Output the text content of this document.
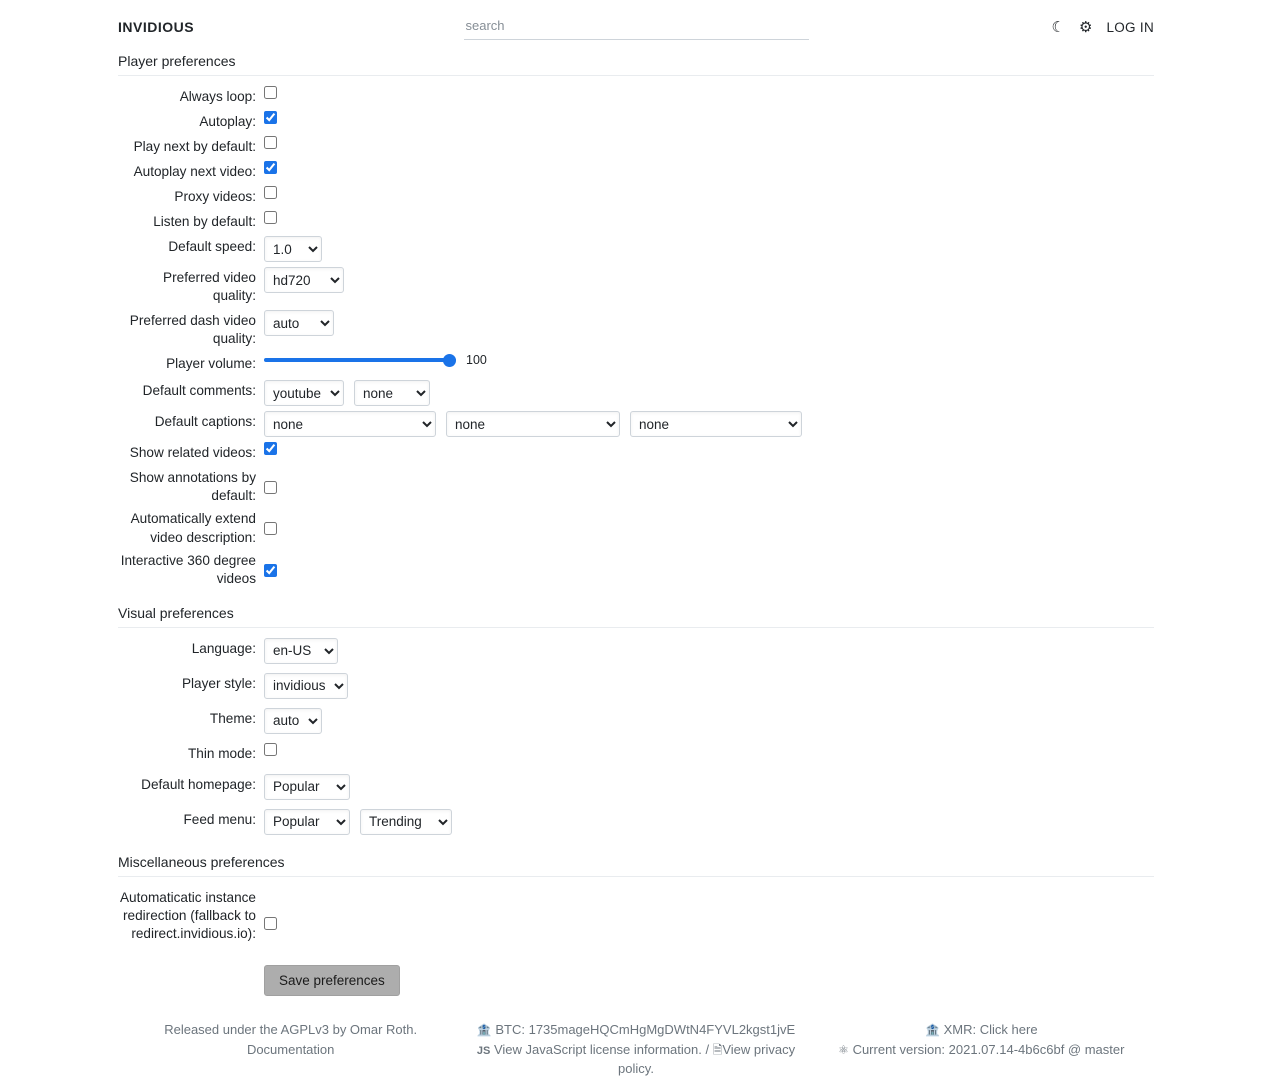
INVIDIOUS
search	☾ ⚙ LOG IN
Player preferences
Always loop:
Autoplay:
Play next by default:
Autoplay next video:
Proxy videos:
Listen by default:
Default speed:
1.0
Preferred video quality:
hd720
Preferred dash video quality:
auto
Player volume:	100
Default comments:
youtube
none
Default captions:
none
none
none
Show related videos:
Show annotations by default:
Automatically extend video description:
Interactive 360 degree videos
Visual preferences
Language:
en-US
Player style:
invidious
Theme:
auto
Thin mode:
Default homepage:
Popular
Feed menu:
Popular
Trending
Miscellaneous preferences
Automaticatic instance redirection (fallback to redirect.invidious.io):
Save preferences
Released under the AGPLv3 by Omar Roth.
Documentation
🏦 BTC: 1735mageHQCmHgMgDWtN4FYVL2kgst1jvE
JS View JavaScript license information. / 🗎View privacy policy.
🏦 XMR: Click here
⚛ Current version: 2021.07.14-4b6c6bf @ master
